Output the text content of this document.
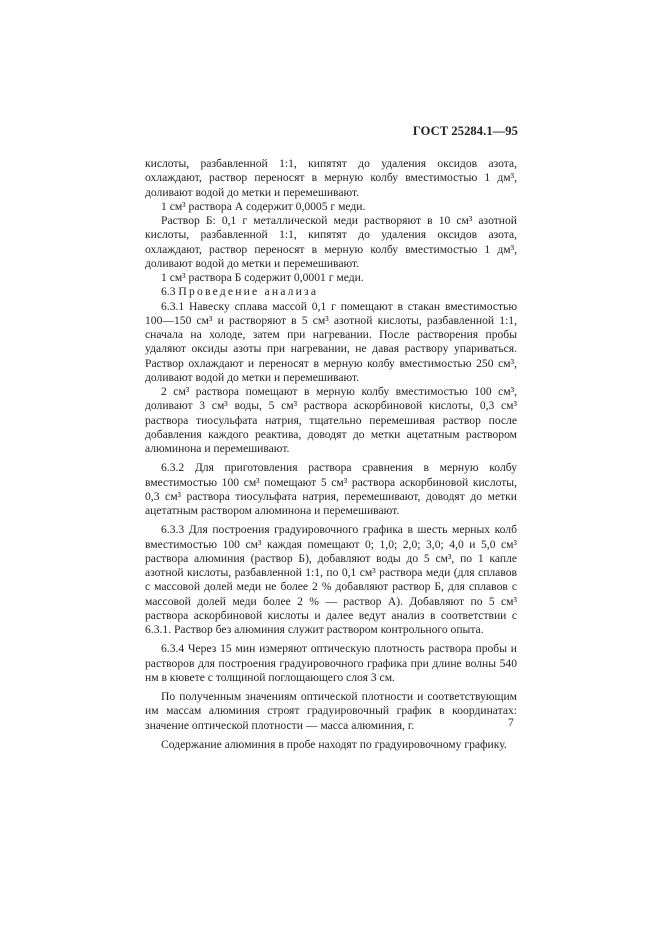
ГОСТ 25284.1—95

кислоты, разбавленной 1:1, кипятят до удаления оксидов азота, охлаждают, раствор переносят в мерную колбу вместимостью 1 дм³, доливают водой до метки и перемешивают.

1 см³ раствора А содержит 0,0005 г меди.

Раствор Б: 0,1 г металлической меди растворяют в 10 см³ азотной кислоты, разбавленной 1:1, кипятят до удаления оксидов азота, охлаждают, раствор переносят в мерную колбу вместимостью 1 дм³, доливают водой до метки и перемешивают.

1 см³ раствора Б содержит 0,0001 г меди.

6.3 Проведение анализа

6.3.1 Навеску сплава массой 0,1 г помещают в стакан вместимостью 100—150 см³ и растворяют в 5 см³ азотной кислоты, разбавленной 1:1, сначала на холоде, затем при нагревании. После растворения пробы удаляют оксиды азоты при нагревании, не давая раствору упариваться. Раствор охлаждают и переносят в мерную колбу вместимостью 250 см³, доливают водой до метки и перемешивают.

2 см³ раствора помещают в мерную колбу вместимостью 100 см³, доливают 3 см³ воды, 5 см³ раствора аскорбиновой кислоты, 0,3 см³ раствора тиосульфата натрия, тщательно перемешивая раствор после добавления каждого реактива, доводят до метки ацетатным раствором алюминона и перемешивают.

6.3.2 Для приготовления раствора сравнения в мерную колбу вместимостью 100 см³ помещают 5 см³ раствора аскорбиновой кислоты, 0,3 см³ раствора тиосульфата натрия, перемешивают, доводят до метки ацетатным раствором алюминона и перемешивают.

6.3.3 Для построения градуировочного графика в шесть мерных колб вместимостью 100 см³ каждая помещают 0; 1,0; 2,0; 3,0; 4,0 и 5,0 см³ раствора алюминия (раствор Б), добавляют воды до 5 см³, по 1 капле азотной кислоты, разбавленной 1:1, по 0,1 см³ раствора меди (для сплавов с массовой долей меди не более 2 % добавляют раствор Б, для сплавов с массовой долей меди более 2 % — раствор А). Добавляют по 5 см³ раствора аскорбиновой кислоты и далее ведут анализ в соответствии с 6.3.1. Раствор без алюминия служит раствором контрольного опыта.

6.3.4 Через 15 мин измеряют оптическую плотность раствора пробы и растворов для построения градуировочного графика при длине волны 540 нм в кювете с толщиной поглощающего слоя 3 см.

По полученным значениям оптической плотности и соответствующим им массам алюминия строят градуировочный график в координатах: значение оптической плотности — масса алюминия, г.

Содержание алюминия в пробе находят по градуировочному графику.

7
